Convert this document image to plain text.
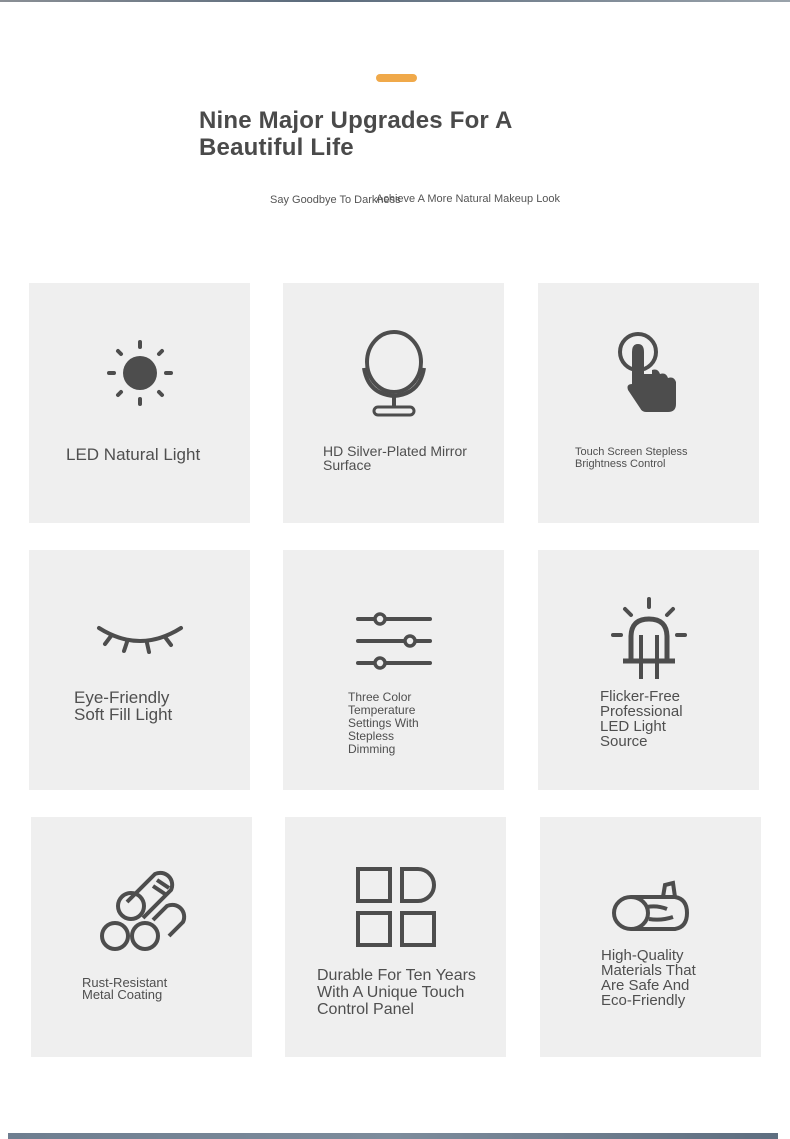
Nine Major Upgrades For A Beautiful Life
Say Goodbye To Darkness
Achieve A More Natural Makeup Look
LED Natural Light	HD Silver-Plated Mirror Surface
Touch Screen Stepless Brightness Control
Eye-Friendly Soft Fill Light
Three Color Temperature Settings With Stepless Dimming
Flicker-Free Professional LED Light Source
Rust-Resistant Metal Coating
Durable For Ten Years With A Unique Touch Control Panel
High-Quality Materials That Are Safe And Eco-Friendly
